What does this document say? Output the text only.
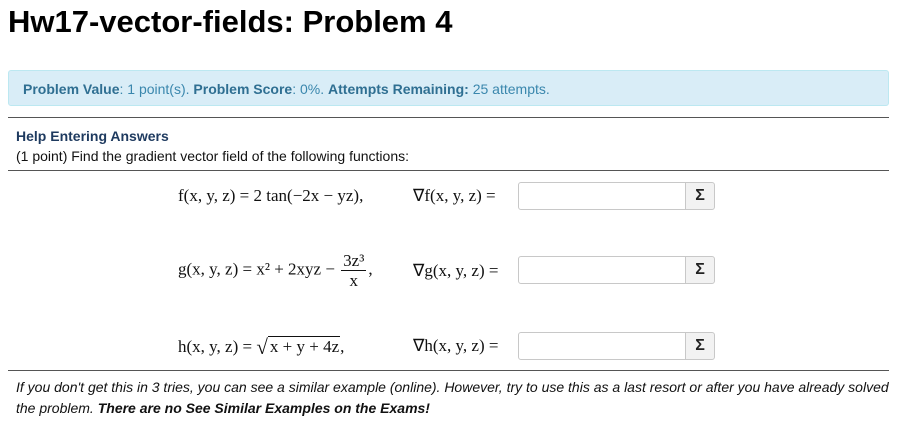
Hw17-vector-fields: Problem 4
Problem Value: 1 point(s). Problem Score: 0%. Attempts Remaining: 25 attempts.
Help Entering Answers
(1 point) Find the gradient vector field of the following functions:
f(x, y, z) = 2 tan(−2x − yz),	∇f(x, y, z) =	Σ
g(x, y, $z) = x^2 + 2xyz - \frac{\text{3z³}}{x}$ , ∇g(x, y, z) =	Σ
h(x, y, z) = √ x + y + 4z,	∇h(x, y, z) =	Σ
If you don't get this in 3 tries, you can see a similar example (online). However, try to use this as a last resort or after you have already solved the problem. There are no See Similar Examples on the Exams!
